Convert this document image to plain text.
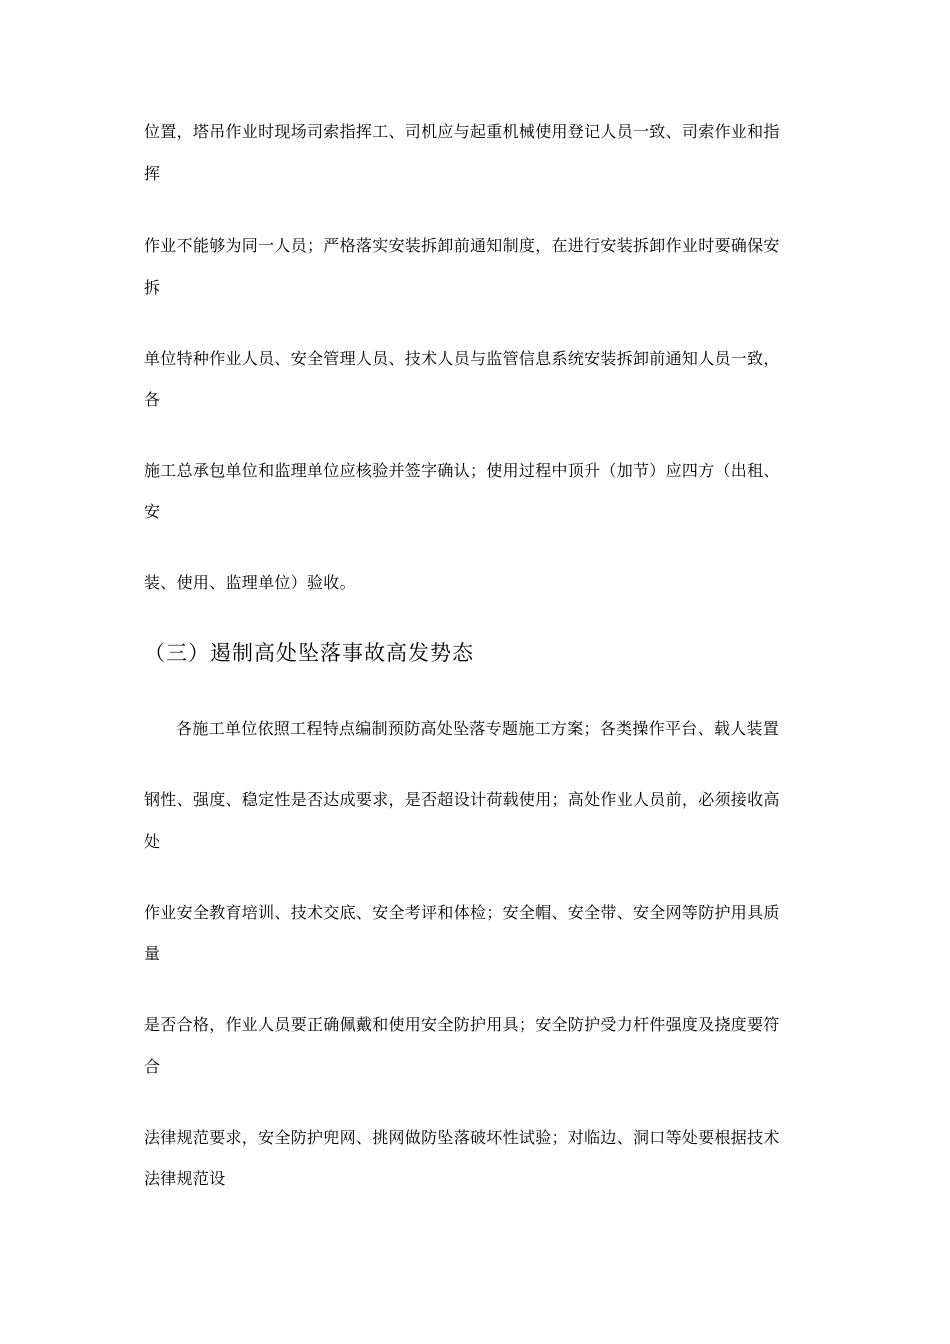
位置，塔吊作业时现场司索指挥工、司机应与起重机械使用登记人员一致、司索作业和指
挥
作业不能够为同一人员；严格落实安装拆卸前通知制度，在进行安装拆卸作业时要确保安
拆
单位特种作业人员、安全管理人员、技术人员与监管信息系统安装拆卸前通知人员一致，
各
施工总承包单位和监理单位应核验并签字确认；使用过程中顶升（加节）应四方（出租、
安
装、使用、监理单位）验收。
（三）遏制高处坠落事故高发势态
各施工单位依照工程特点编制预防高处坠落专题施工方案；各类操作平台、载人装置
钢性、强度、稳定性是否达成要求，是否超设计荷载使用；高处作业人员前，必须接收高
处
作业安全教育培训、技术交底、安全考评和体检；安全帽、安全带、安全网等防护用具质
量
是否合格，作业人员要正确佩戴和使用安全防护用具；安全防护受力杆件强度及挠度要符
合
法律规范要求，安全防护兜网、挑网做防坠落破坏性试验；对临边、洞口等处要根据技术
法律规范设
